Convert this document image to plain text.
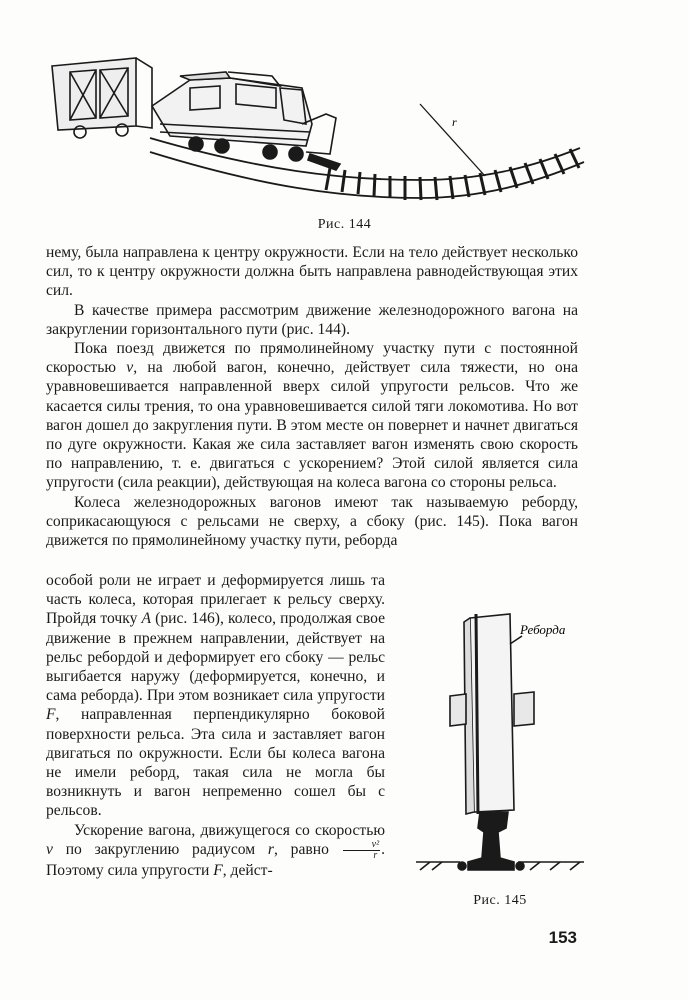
r
Рис. 144

нему, была направлена к центру окружности. Если на тело действует несколько сил, то к центру окружности должна быть направлена равнодействующая этих сил.

В качестве примера рассмотрим движение железнодорожного вагона на закруглении горизонтального пути (рис. 144).

Пока поезд движется по прямолинейному участку пути с постоянной скоростью v, на любой вагон, конечно, действует сила тяжести, но она уравновешивается направленной вверх силой упругости рельсов. Что же касается силы трения, то она уравновешивается силой тяги локомотива. Но вот вагон дошел до закругления пути. В этом месте он повернет и начнет двигаться по дуге окружности. Какая же сила заставляет вагон изменять свою скорость по направлению, т. е. двигаться с ускорением? Этой силой является сила упругости (сила реакции), действующая на колеса вагона со стороны рельса.

Колеса железнодорожных вагонов имеют так называемую реборду, соприкасающуюся с рельсами не сверху, а сбоку (рис. 145). Пока вагон движется по прямолинейному участку пути, реборда

особой роли не играет и деформируется лишь та часть колеса, которая прилегает к рельсу сверху. Пройдя точку A (рис. 146), колесо, продолжая свое движение в прежнем направлении, действует на рельс ребордой и деформирует его сбоку — рельс выгибается наружу (деформируется, конечно, и сама реборда). При этом возникает сила упругости F, направленная перпендикулярно боковой поверхности рельса. Эта сила и заставляет вагон двигаться по окружности. Если бы колеса вагона не имели реборд, такая сила не могла бы возникнуть и вагон непременно сошел бы с рельсов.

Ускорение вагона, движущегося со скоростью v по закруглению радиусом r, равно $\frac{\text{v²}}{r}$ . Поэтому сила упругости F, дейст-

Реборда
Рис. 145
153
